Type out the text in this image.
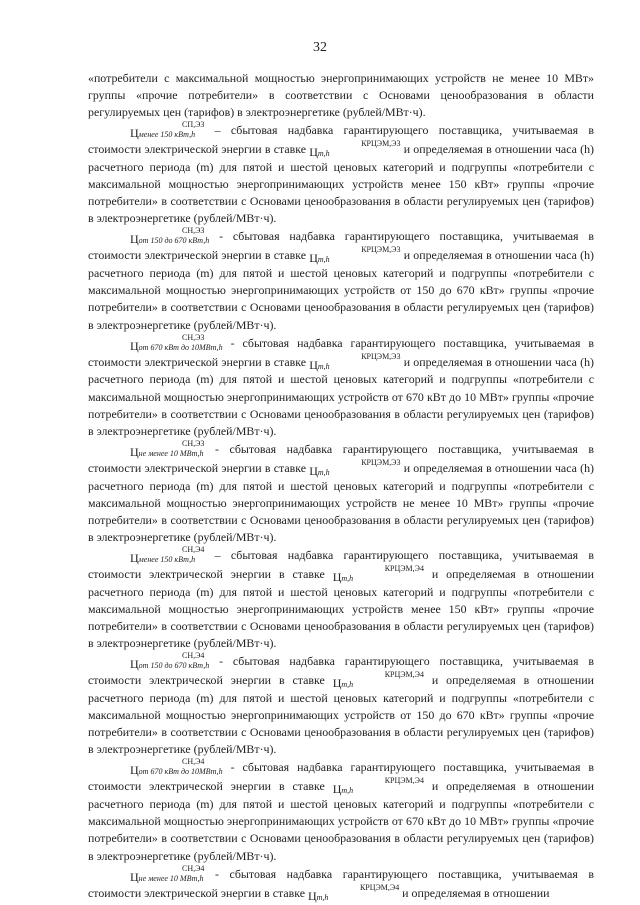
32

«потребители с максимальной мощностью энергопринимающих устройств не менее 10 МВт» группы «прочие потребители» в соответствии с Основами ценообразования в области регулируемых цен (тарифов) в электроэнергетике (рублей/МВт·ч).

СП,Э3
Цменее 150 кВт,h – сбытовая надбавка гарантирующего поставщика, учитываемая в стоимости электрической энергии в ставке	КРЦЭМ,Э3
Цm,h	и определяемая в отношении часа (h) расчетного периода (m) для пятой и шестой ценовых категорий и подгруппы «потребители с максимальной мощностью энергопринимающих устройств менее 150 кВт» группы «прочие потребители» в соответствии с Основами ценообразования в области регулируемых цен (тарифов) в электроэнергетике (рублей/МВт·ч).

СН,Э3
Цот 150 до 670 кВт,h - сбытовая надбавка гарантирующего поставщика, учитываемая в стоимости электрической энергии в ставке	КРЦЭМ,Э3
Цm,h	и определяемая в отношении часа (h) расчетного периода (m) для пятой и шестой ценовых категорий и подгруппы «потребители с максимальной мощностью энергопринимающих устройств от 150 до 670 кВт» группы «прочие потребители» в соответствии с Основами ценообразования в области регулируемых цен (тарифов) в электроэнергетике (рублей/МВт·ч).

СН,Э3
Цот 670 кВт до 10МВт,h - сбытовая надбавка гарантирующего поставщика, учитываемая в стоимости электрической энергии в ставке	КРЦЭМ,Э3
Цm,h	и определяемая в отношении часа (h) расчетного периода (m) для пятой и шестой ценовых категорий и подгруппы «потребители с максимальной мощностью энергопринимающих устройств от 670 кВт до 10 МВт» группы «прочие потребители» в соответствии с Основами ценообразования в области регулируемых цен (тарифов) в электроэнергетике (рублей/МВт·ч).

СН,Э3
Цне менее 10 МВт,h - сбытовая надбавка гарантирующего поставщика, учитываемая в стоимости электрической энергии в ставке	КРЦЭМ,Э3
Цm,h	и определяемая в отношении часа (h) расчетного периода (m) для пятой и шестой ценовых категорий и подгруппы «потребители с максимальной мощностью энергопринимающих устройств не менее 10 МВт» группы «прочие потребители» в соответствии с Основами ценообразования в области регулируемых цен (тарифов) в электроэнергетике (рублей/МВт·ч).

СН,Э4
Цменее 150 кВт,h – сбытовая надбавка гарантирующего поставщика, учитываемая в стоимости электрической энергии в ставке	КРЦЭМ,Э4
Цm,h	и определяемая в отношении расчетного периода (m) для пятой и шестой ценовых категорий и подгруппы «потребители с максимальной мощностью энергопринимающих устройств менее 150 кВт» группы «прочие потребители» в соответствии с Основами ценообразования в области регулируемых цен (тарифов) в электроэнергетике (рублей/МВт·ч).

СН,Э4
Цот 150 до 670 кВт,h - сбытовая надбавка гарантирующего поставщика, учитываемая в стоимости электрической энергии в ставке	КРЦЭМ,Э4
Цm,h	и определяемая в отношении расчетного периода (m) для пятой и шестой ценовых категорий и подгруппы «потребители с максимальной мощностью энергопринимающих устройств от 150 до 670 кВт» группы «прочие потребители» в соответствии с Основами ценообразования в области регулируемых цен (тарифов) в электроэнергетике (рублей/МВт·ч).

СН,Э4
Цот 670 кВт до 10МВт,h - сбытовая надбавка гарантирующего поставщика, учитываемая в стоимости электрической энергии в ставке	КРЦЭМ,Э4
Цm,h	и определяемая в отношении расчетного периода (m) для пятой и шестой ценовых категорий и подгруппы «потребители с максимальной мощностью энергопринимающих устройств от 670 кВт до 10 МВт» группы «прочие потребители» в соответствии с Основами ценообразования в области регулируемых цен (тарифов) в электроэнергетике (рублей/МВт·ч).

СН,Э4
Цне менее 10 МВт,h - сбытовая надбавка гарантирующего поставщика, учитываемая в стоимости электрической энергии в ставке	КРЦЭМ,Э4
Цm,h	и определяемая в отношении
